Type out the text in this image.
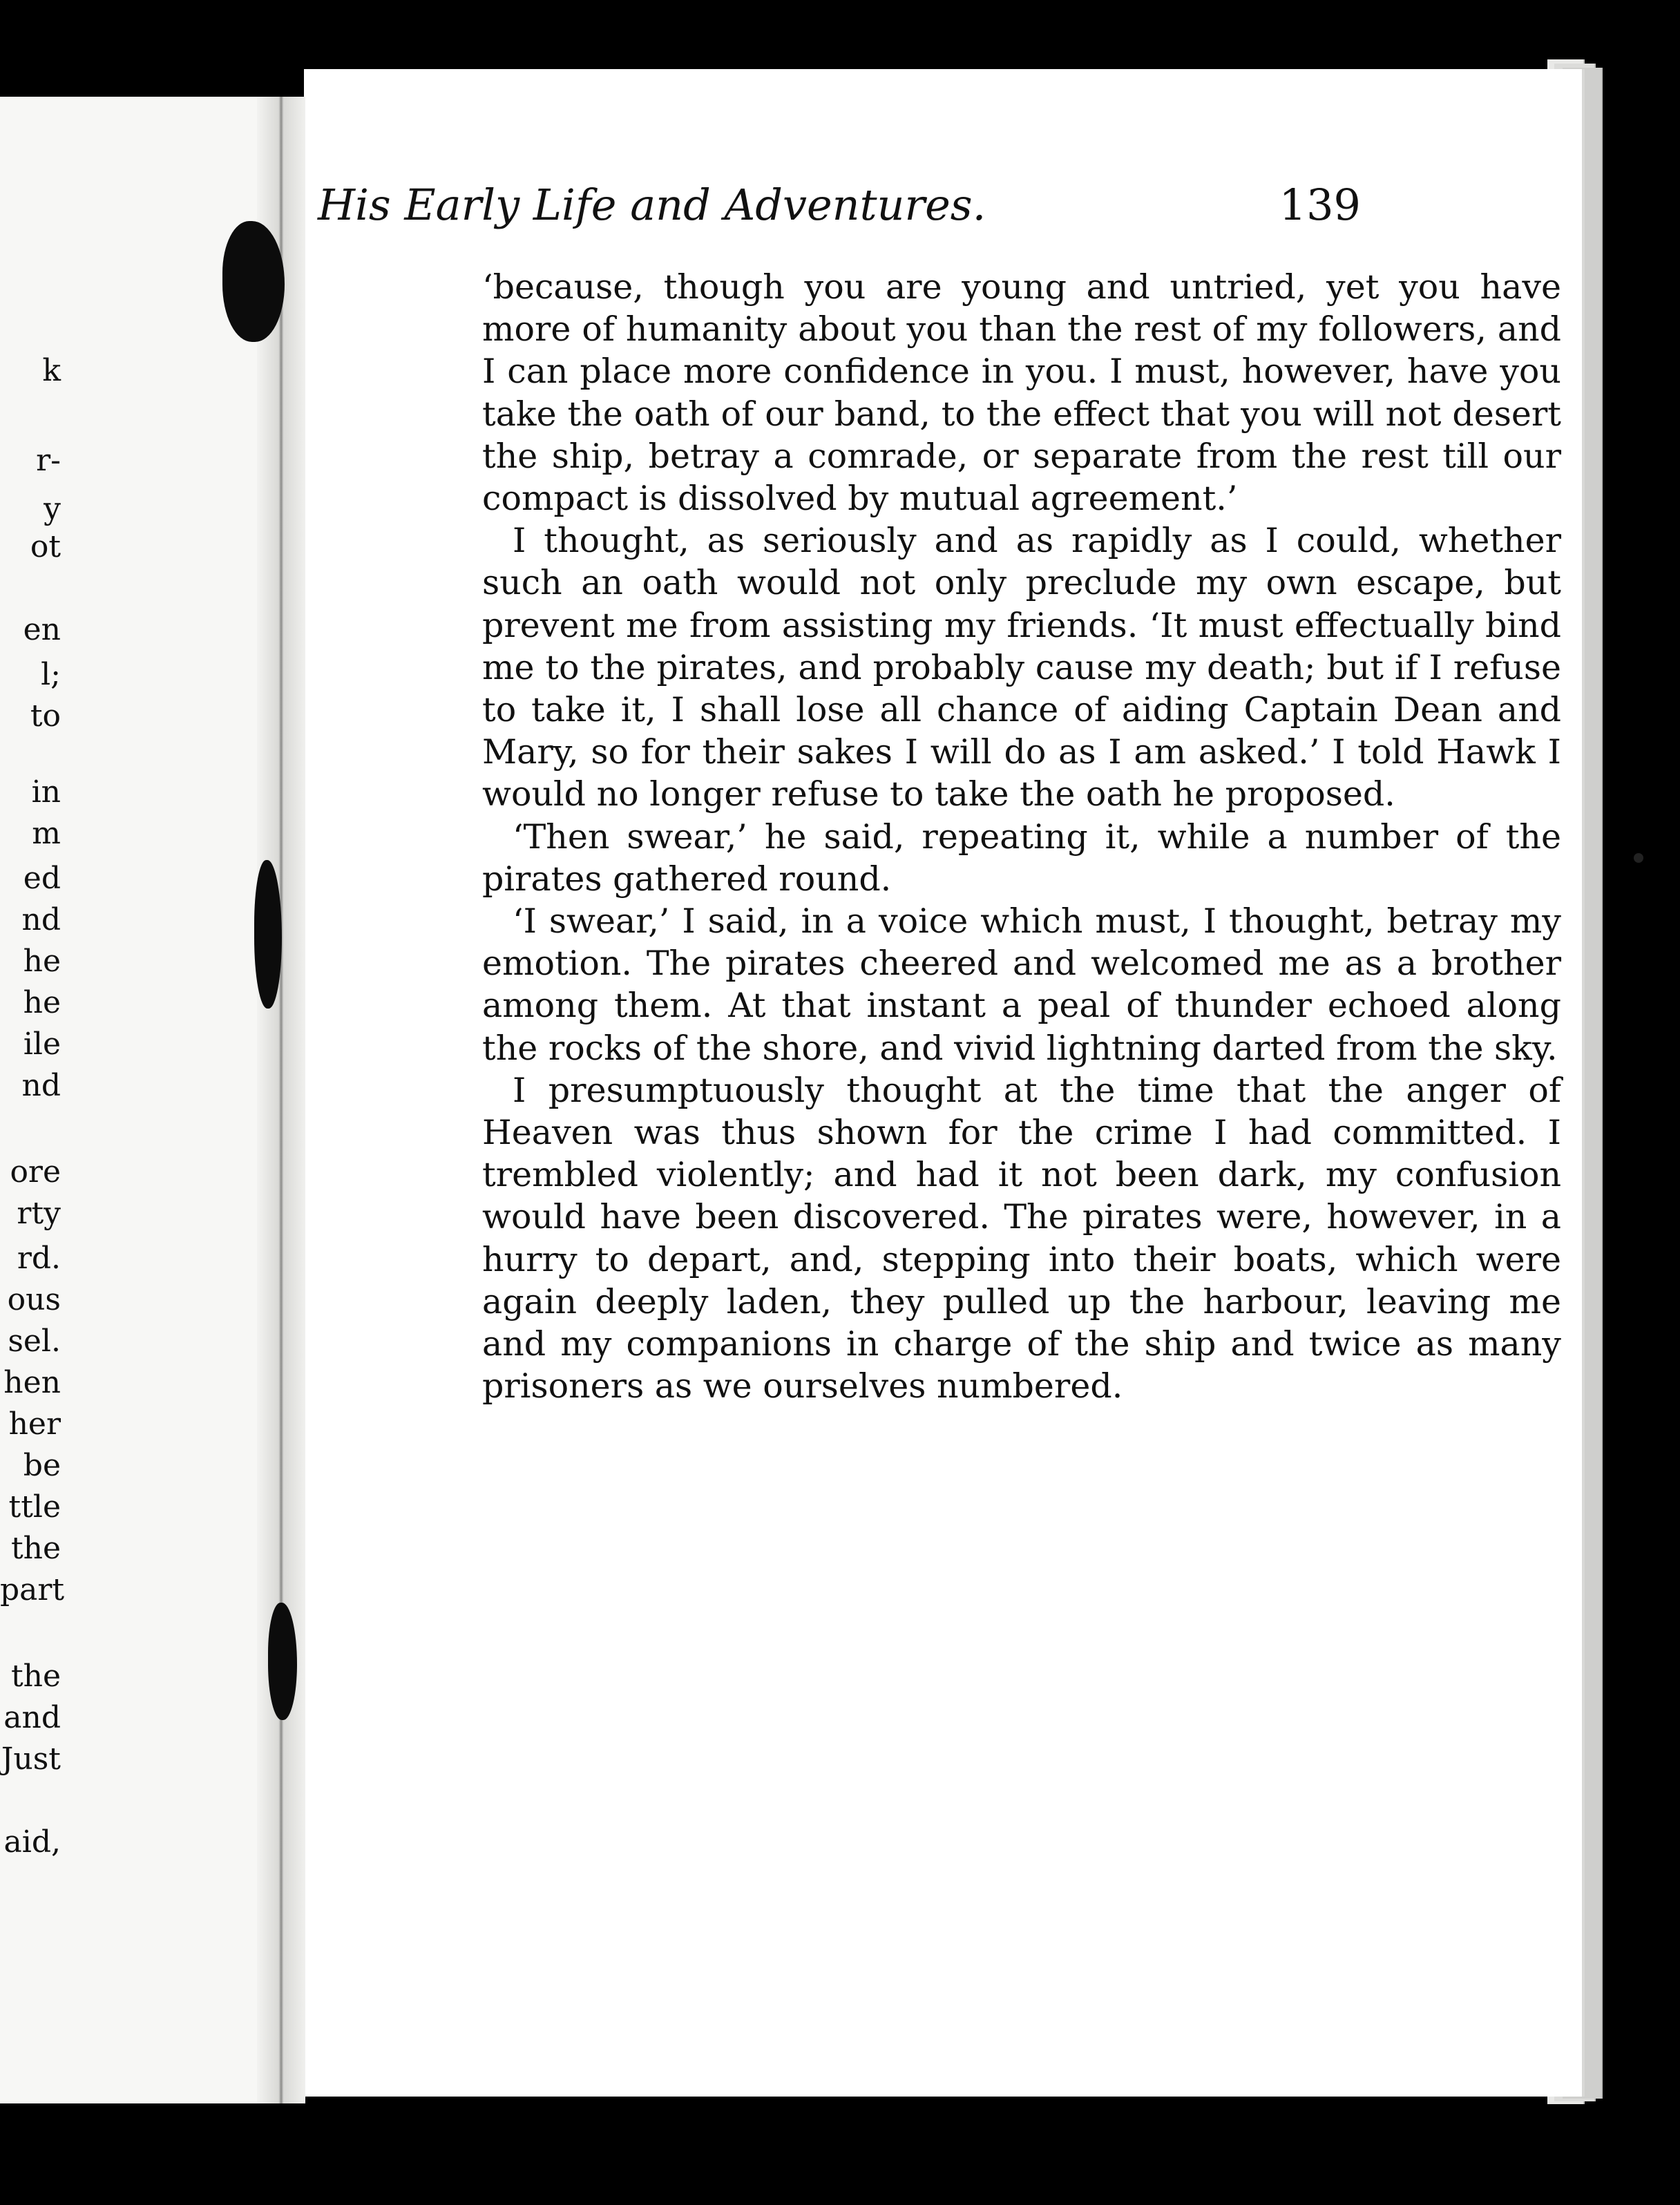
k
r-
y
ot
en
l;
to
in
m
ed
nd
he
he
ile
nd
ore
rty
rd.
ous
sel.
hen
her
be
ttle
the
part
the
and
Just
aid,
His Early Life and Adventures.	139

‘because, though you are young and untried, yet you have more of humanity about you than the rest of my followers, and I can place more confidence in you. I must, however, have you take the oath of our band, to the effect that you will not desert the ship, betray a comrade, or separate from the rest till our compact is dissolved by mutual agreement.’

I thought, as seriously and as rapidly as I could, whether such an oath would not only preclude my own escape, but prevent me from assisting my friends. ‘It must effectually bind me to the pirates, and probably cause my death; but if I refuse to take it, I shall lose all chance of aiding Captain Dean and Mary, so for their sakes I will do as I am asked.’ I told Hawk I would no longer refuse to take the oath he proposed.

‘Then swear,’ he said, repeating it, while a number of the pirates gathered round.

‘I swear,’ I said, in a voice which must, I thought, betray my emotion. The pirates cheered and welcomed me as a brother among them. At that instant a peal of thunder echoed along the rocks of the shore, and vivid lightning darted from the sky.

I presumptuously thought at the time that the anger of Heaven was thus shown for the crime I had committed. I trembled violently; and had it not been dark, my confusion would have been discovered. The pirates were, however, in a hurry to depart, and, stepping into their boats, which were again deeply laden, they pulled up the harbour, leaving me and my companions in charge of the ship and twice as many prisoners as we ourselves numbered.
